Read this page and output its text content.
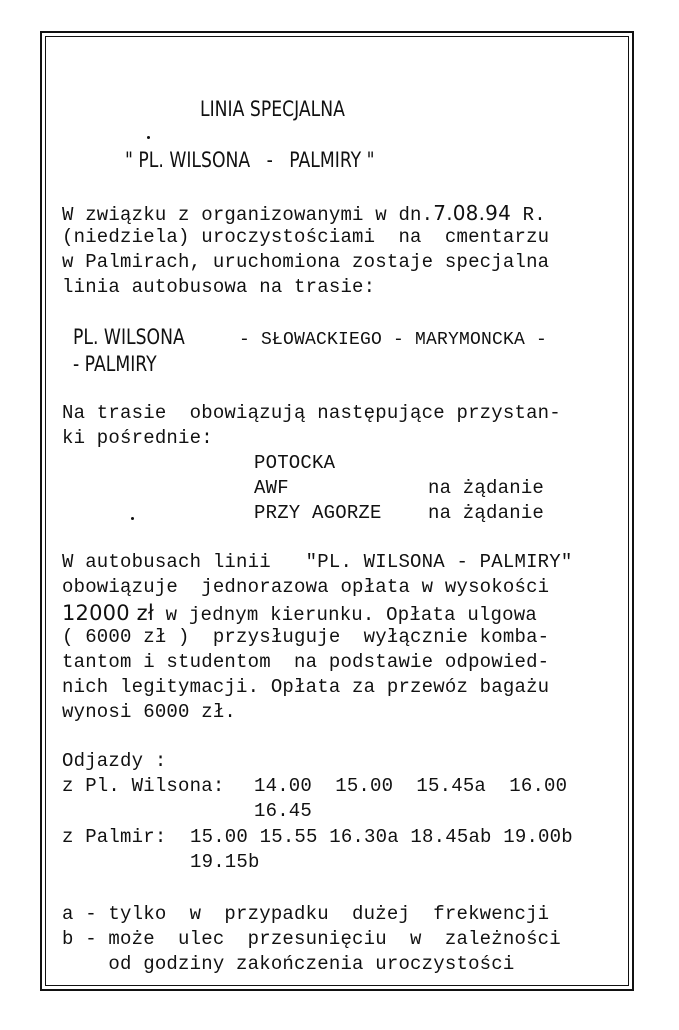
LINIA SPECJALNA
" PL. WILSONA   -   PALMIRY "
W związku z organizowanymi w dn.7.08.94 R.
(niedziela) uroczystościami  na  cmentarzu
w Palmirach, uruchomiona zostaje specjalna
linia autobusowa na trasie:
PL. WILSONA - SŁOWACKIEGO - MARYMONCKA -
- PALMIRY
Na trasie  obowiązują następujące przystan-
ki pośrednie:
POTOCKA
AWF	na żądanie
PRZY AGORZE na żądanie
W autobusach linii   "PL. WILSONA - PALMIRY"
obowiązuje  jednorazowa opłata w wysokości
12000 zł w jednym kierunku. Opłata ulgowa
( 6000 zł )  przysługuje  wyłącznie komba-
tantom i studentom  na podstawie odpowied-
nich legitymacji. Opłata za przewóz bagażu
wynosi 6000 zł.
Odjazdy :
z Pl. Wilsona: 14.00  15.00  15.45a  16.00
16.45
z Palmir: 15.00 15.55 16.30a 18.45ab 19.00b
19.15b
a - tylko  w  przypadku  dużej  frekwencji
b - może  ulec  przesunięciu  w  zależności
od godziny zakończenia uroczystości
